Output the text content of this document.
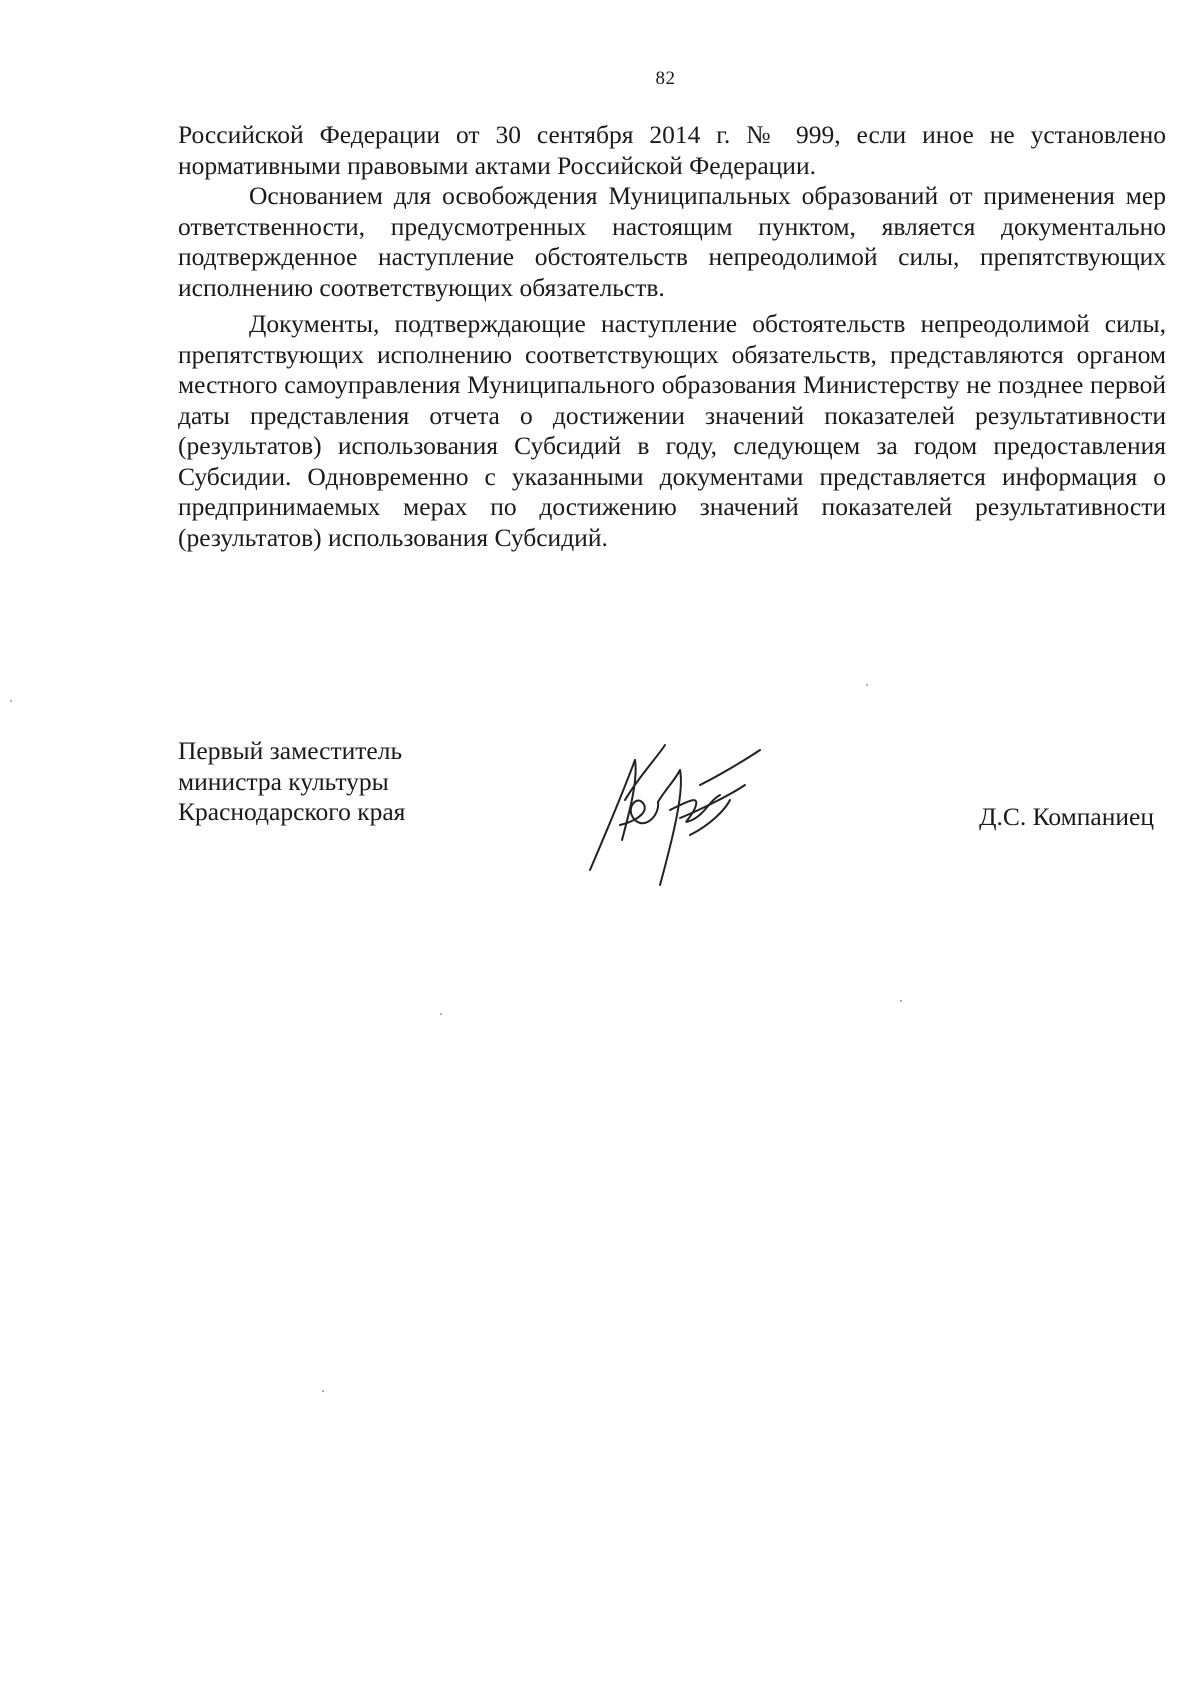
82

Российской Федерации от 30 сентября 2014 г. № 999, если иное не установлено нормативными правовыми актами Российской Федерации.

Основанием для освобождения Муниципальных образований от применения мер ответственности, предусмотренных настоящим пунктом, является документально подтвержденное наступление обстоятельств непреодолимой силы, препятствующих исполнению соответствующих обязательств.

Документы, подтверждающие наступление обстоятельств непреодолимой силы, препятствующих исполнению соответствующих обязательств, представляются органом местного самоуправления Муниципального образования Министерству не позднее первой даты представления отчета о достижении значений показателей результативности (результатов) использования Субсидий в году, следующем за годом предоставления Субсидии. Одновременно с указанными документами представляется информация о предпринимаемых мерах по достижению значений показателей результативности (результатов) использования Субсидий.

Первый заместитель
министра культуры
Краснодарского края	Д.С. Компаниец
